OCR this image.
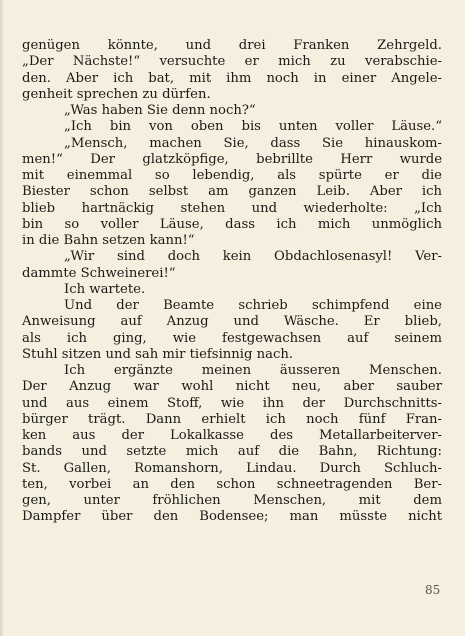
genügen könnte, und drei Franken Zehrgeld.
„Der Nächste!“ versuchte er mich zu verabschie-
den. Aber ich bat, mit ihm noch in einer Angele-
genheit sprechen zu dürfen.
„Was haben Sie denn noch?“
„Ich bin von oben bis unten voller Läuse.“
„Mensch, machen Sie, dass Sie hinauskom-
men!“ Der glatzköpfige, bebrillte Herr wurde
mit einemmal so lebendig, als spürte er die
Biester schon selbst am ganzen Leib. Aber ich
blieb hartnäckig stehen und wiederholte: „Ich
bin so voller Läuse, dass ich mich unmöglich
in die Bahn setzen kann!“
„Wir sind doch kein Obdachlosenasyl! Ver-
dammte Schweinerei!“
Ich wartete.
Und der Beamte schrieb schimpfend eine
Anweisung auf Anzug und Wäsche. Er blieb,
als ich ging, wie festgewachsen auf seinem
Stuhl sitzen und sah mir tiefsinnig nach.
Ich ergänzte meinen äusseren Menschen.
Der Anzug war wohl nicht neu, aber sauber
und aus einem Stoff, wie ihn der Durchschnitts-
bürger trägt. Dann erhielt ich noch fünf Fran-
ken aus der Lokalkasse des Metallarbeiterver-
bands und setzte mich auf die Bahn, Richtung:
St. Gallen, Romanshorn, Lindau. Durch Schluch-
ten, vorbei an den schon schneetragenden Ber-
gen, unter fröhlichen Menschen, mit dem
Dampfer über den Bodensee; man müsste nicht
85
